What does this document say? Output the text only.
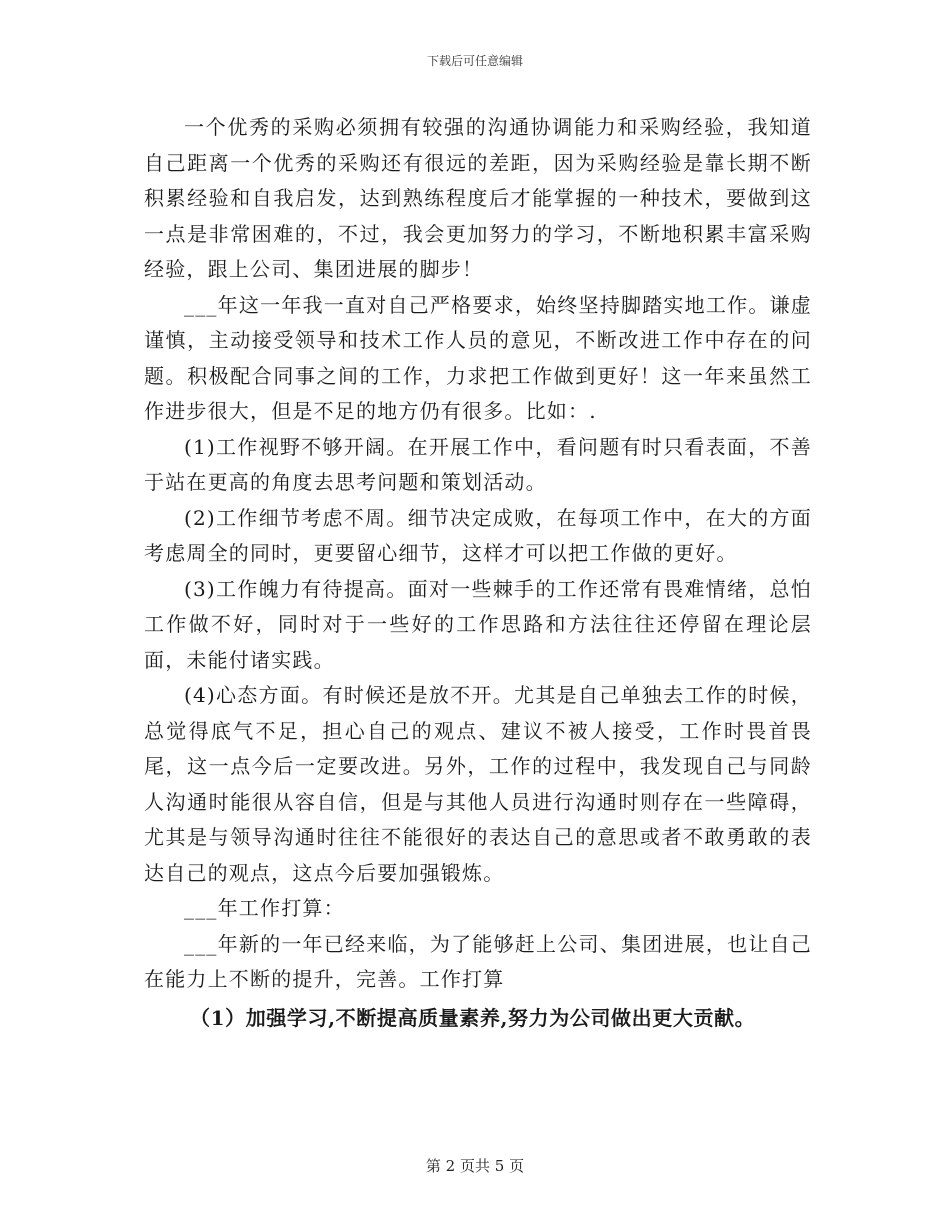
下载后可任意编辑

一个优秀的采购必须拥有较强的沟通协调能力和采购经验，我知道自己距离一个优秀的采购还有很远的差距，因为采购经验是靠长期不断积累经验和自我启发，达到熟练程度后才能掌握的一种技术，要做到这一点是非常困难的，不过，我会更加努力的学习，不断地积累丰富采购经验，跟上公司、集团进展的脚步！

___年这一年我一直对自己严格要求，始终坚持脚踏实地工作。谦虚谨慎，主动接受领导和技术工作人员的意见，不断改进工作中存在的问题。积极配合同事之间的工作，力求把工作做到更好！这一年来虽然工作进步很大，但是不足的地方仍有很多。比如：.

(1)工作视野不够开阔。在开展工作中，看问题有时只看表面，不善于站在更高的角度去思考问题和策划活动。

(2)工作细节考虑不周。细节决定成败，在每项工作中，在大的方面考虑周全的同时，更要留心细节，这样才可以把工作做的更好。

(3)工作魄力有待提高。面对一些棘手的工作还常有畏难情绪，总怕工作做不好，同时对于一些好的工作思路和方法往往还停留在理论层面，未能付诸实践。

(4)心态方面。有时候还是放不开。尤其是自己单独去工作的时候，总觉得底气不足，担心自己的观点、建议不被人接受，工作时畏首畏尾，这一点今后一定要改进。另外，工作的过程中，我发现自己与同龄人沟通时能很从容自信，但是与其他人员进行沟通时则存在一些障碍，尤其是与领导沟通时往往不能很好的表达自己的意思或者不敢勇敢的表达自己的观点，这点今后要加强锻炼。

___年工作打算：

___年新的一年已经来临，为了能够赶上公司、集团进展，也让自己在能力上不断的提升，完善。工作打算

（1）加强学习,不断提高质量素养,努力为公司做出更大贡献。

第 2 页共 5 页
